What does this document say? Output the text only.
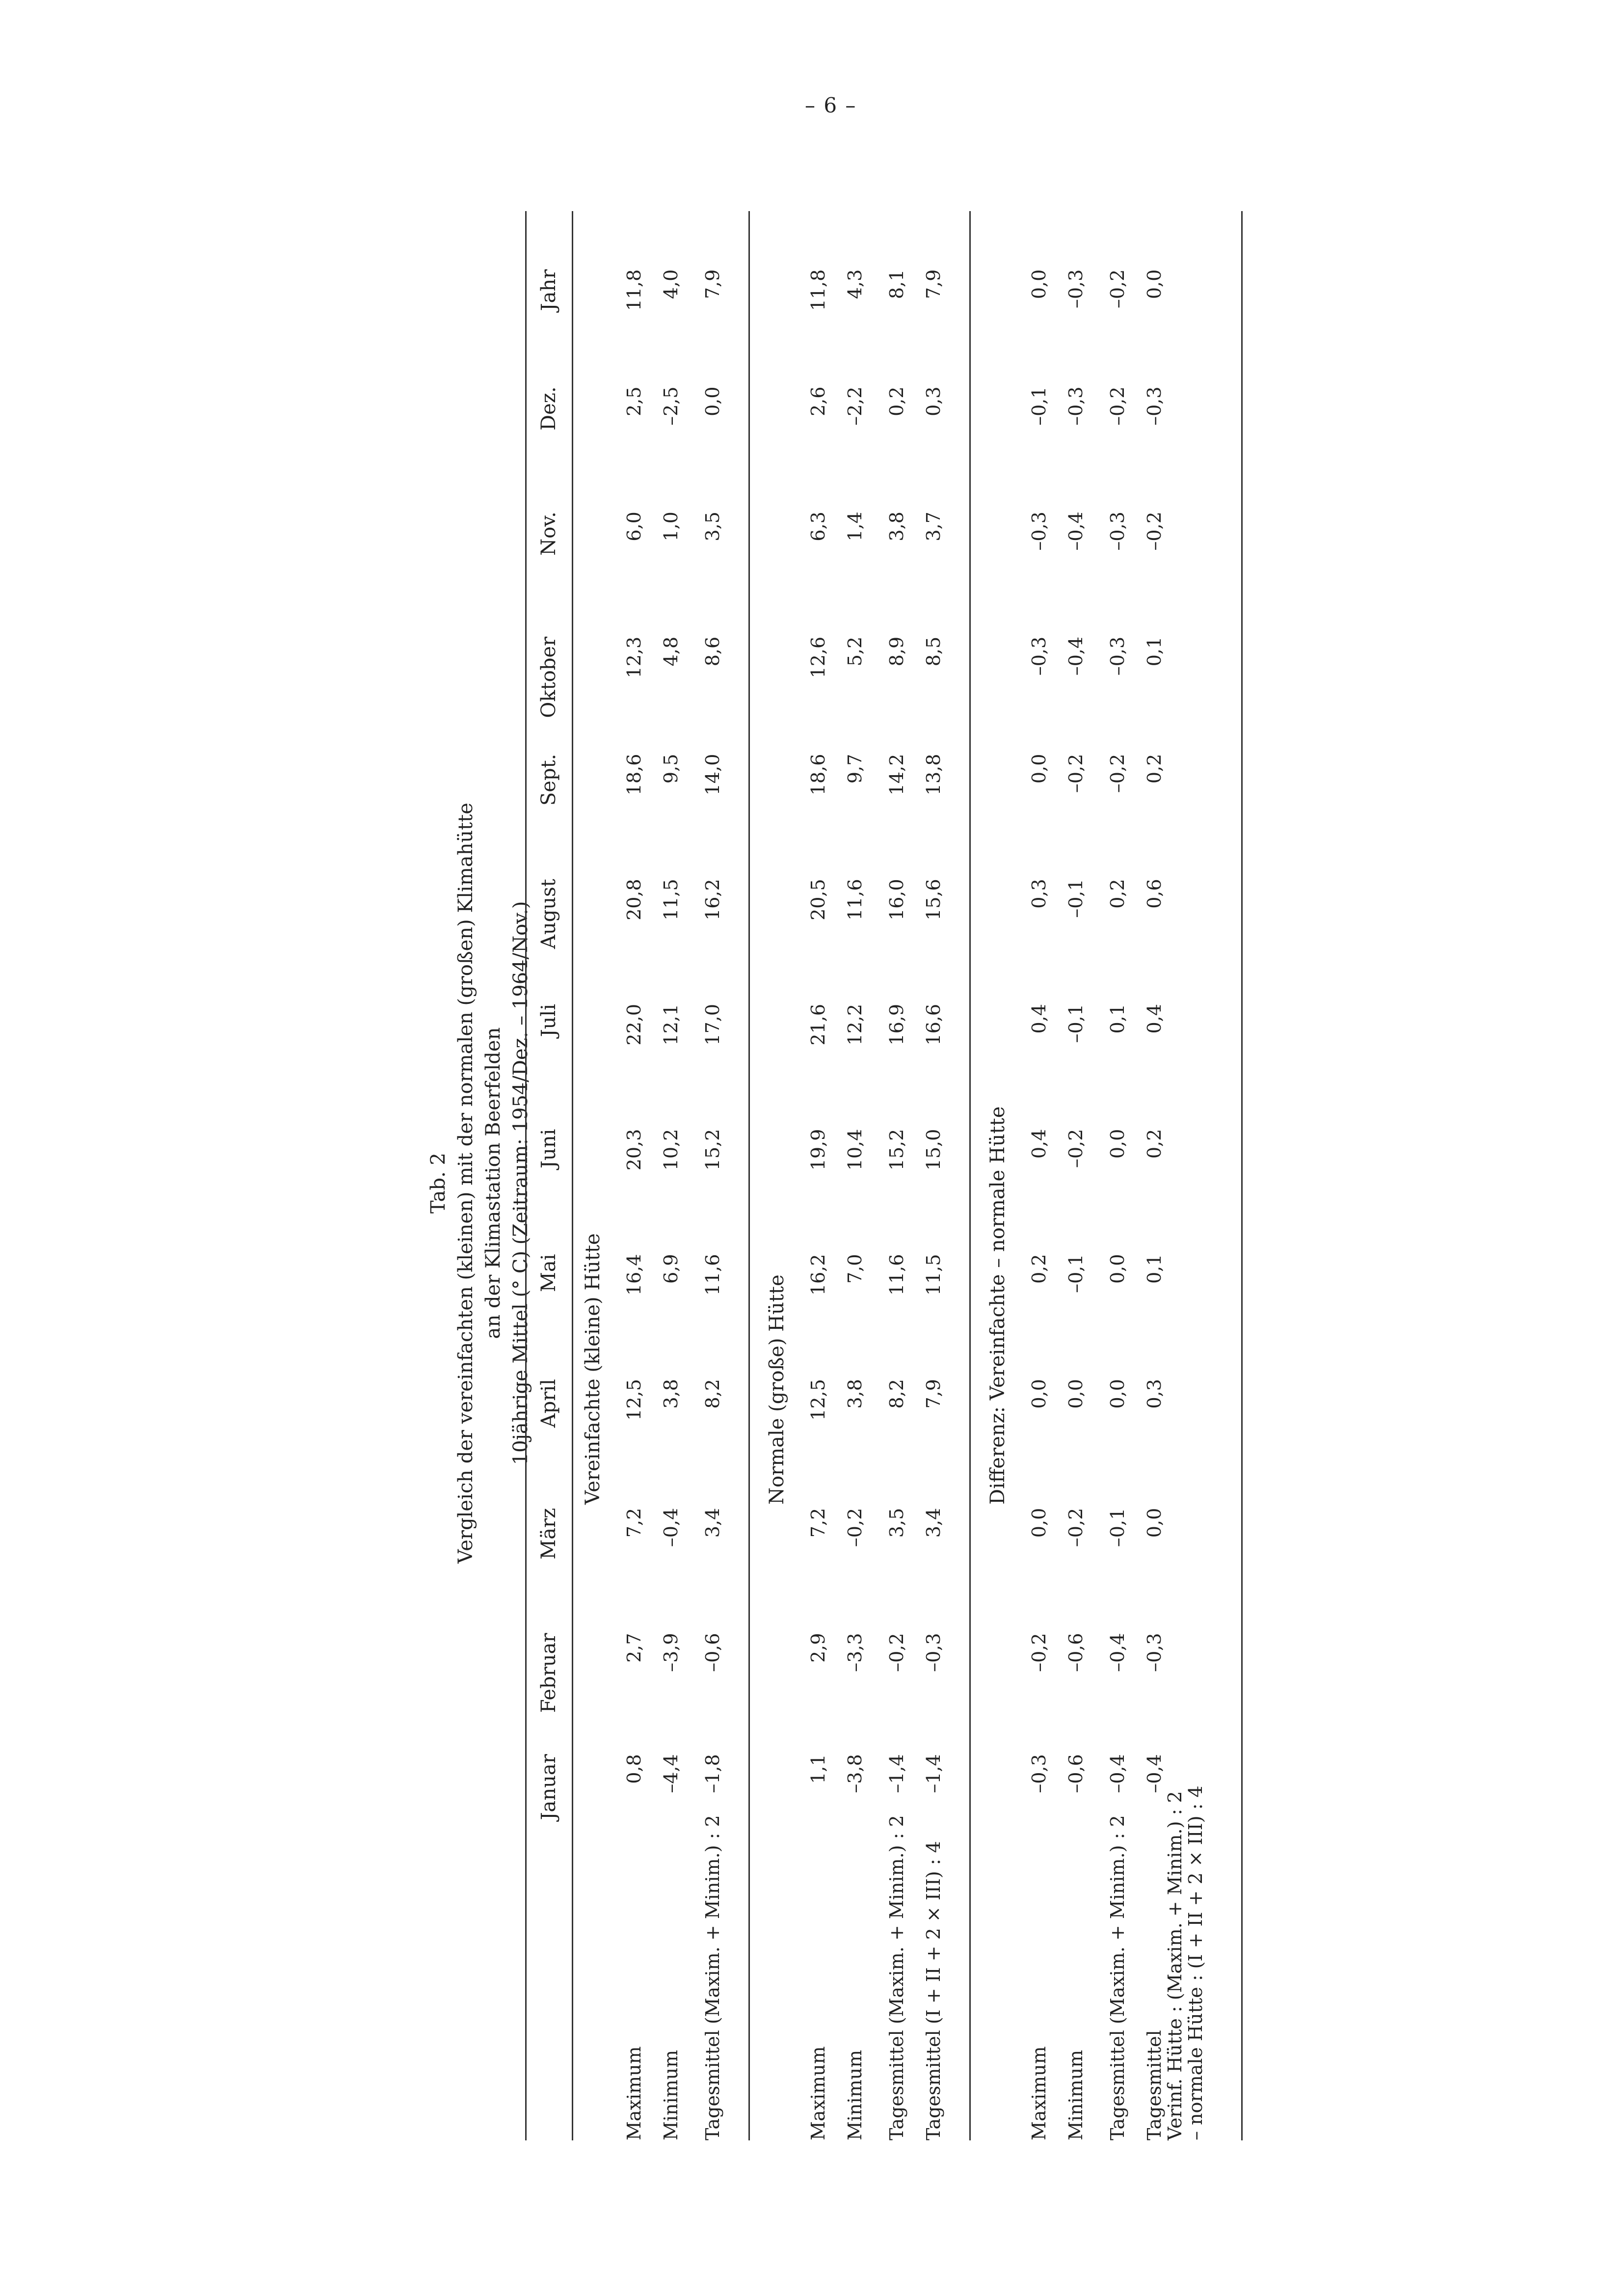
– 6 –
Tab. 2 Vergleich der vereinfachten (kleinen) mit der normalen (großen) Klimahütte an der Klimastation Beerfelden 10jährige Mittel (° C) (Zeitraum: 1954/Dez. – 1964/Nov.)
Januar
Februar
März
April
Mai
Juni
Juli
August
Sept.
Oktober
Nov.
Dez.
Jahr
Vereinfachte (kleine) Hütte
Maximum
0,8
2,7
7,2
12,5
16,4
20,3
22,0
20,8
18,6
12,3
6,0
2,5
11,8
Minimum
–4,4
–3,9
–0,4
3,8
6,9
10,2
12,1
11,5
9,5
4,8
1,0
–2,5
4,0
Tagesmittel (Maxim. + Minim.) : 2
–1,8
–0,6
3,4
8,2
11,6
15,2
17,0
16,2
14,0
8,6
3,5
0,0
7,9
Normale (große) Hütte
Maximum
1,1
2,9
7,2
12,5
16,2
19,9
21,6
20,5
18,6
12,6
6,3
2,6
11,8
Minimum
–3,8
–3,3
–0,2
3,8
7,0
10,4
12,2
11,6
9,7
5,2
1,4
–2,2
4,3
Tagesmittel (Maxim. + Minim.) : 2
–1,4
–0,2
3,5
8,2
11,6
15,2
16,9
16,0
14,2
8,9
3,8
0,2
8,1
Tagesmittel (I + II + 2 × III) : 4
–1,4
–0,3
3,4
7,9
11,5
15,0
16,6
15,6
13,8
8,5
3,7
0,3
7,9
Differenz: Vereinfachte – normale Hütte
Maximum
–0,3
–0,2
0,0
0,0
0,2
0,4
0,4
0,3
0,0
–0,3
–0,3
–0,1
0,0
Minimum
–0,6
–0,6
–0,2
0,0
–0,1
–0,2
–0,1
–0,1
–0,2
–0,4
–0,4
–0,3
–0,3
Tagesmittel (Maxim. + Minim.) : 2
–0,4
–0,4
–0,1
0,0
0,0
0,0
0,1
0,2
–0,2
–0,3
–0,3
–0,2
–0,2
Tagesmittel
Verinf. Hütte : (Maxim. + Minim.) : 2
– normale Hütte : (I + II + 2 × III) : 4
–0,4
–0,3
0,0
0,3
0,1
0,2
0,4
0,6
0,2
0,1
–0,2
–0,3
0,0
